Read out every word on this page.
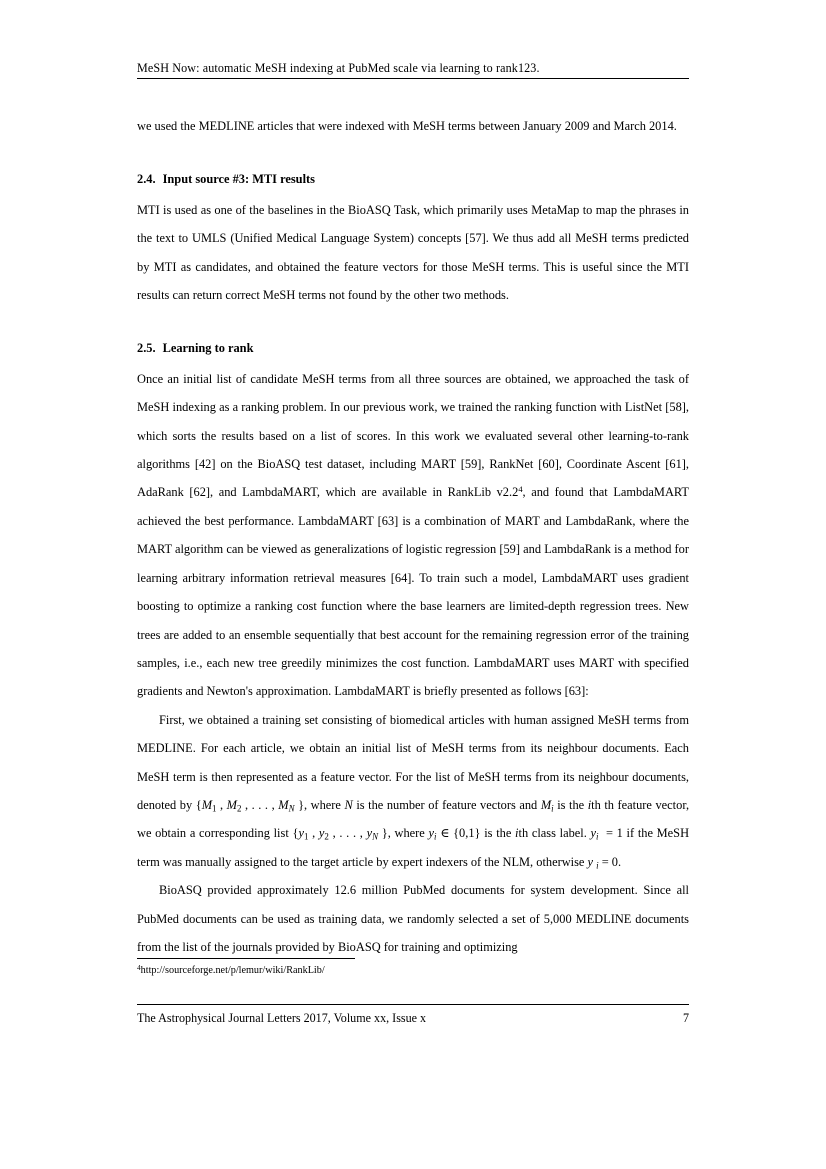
MeSH Now: automatic MeSH indexing at PubMed scale via learning to rank123.

we used the MEDLINE articles that were indexed with MeSH terms between January 2009 and March 2014.

2.4. Input source #3: MTI results

MTI is used as one of the baselines in the BioASQ Task, which primarily uses MetaMap to map the phrases in the text to UMLS (Unified Medical Language System) concepts [57]. We thus add all MeSH terms predicted by MTI as candidates, and obtained the feature vectors for those MeSH terms. This is useful since the MTI results can return correct MeSH terms not found by the other two methods.

2.5. Learning to rank

Once an initial list of candidate MeSH terms from all three sources are obtained, we approached the task of MeSH indexing as a ranking problem. In our previous work, we trained the ranking function with ListNet [58], which sorts the results based on a list of scores. In this work we evaluated several other learning-to-rank algorithms [42] on the BioASQ test dataset, including MART [59], RankNet [60], Coordinate Ascent [61], AdaRank [62], and LambdaMART, which are available in RankLib v2.2$^4$, and found that LambdaMART achieved the best performance. LambdaMART [63] is a combination of MART and LambdaRank, where the MART algorithm can be viewed as generalizations of logistic regression [59] and LambdaRank is a method for learning arbitrary information retrieval measures [64]. To train such a model, LambdaMART uses gradient boosting to optimize a ranking cost function where the base learners are limited-depth regression trees. New trees are added to an ensemble sequentially that best account for the remaining regression error of the training samples, i.e., each new tree greedily minimizes the cost function. LambdaMART uses MART with specified gradients and Newton's approximation. LambdaMART is briefly presented as follows [63]:

First, we obtained a training set consisting of biomedical articles with human assigned MeSH terms from MEDLINE. For each article, we obtain an initial list of MeSH terms from its neighbour documents. Each MeSH term is then represented as a feature vector. For the list of MeSH terms from its neighbour documents, denoted by {$M_1$ , $M_2$ , . . . , $M_N$ }, where N is the number of feature vectors and $M_i$ is the ith th feature vector, we obtain a corresponding list {$y_1$ , $y_2$ , . . . , $y_N$ }, where $y_i$ ∈ {0,1} is the ith class label. $y_i = 1$ if the MeSH term was manually assigned to the target article by expert indexers of the NLM, otherwise y $_i$ = 0.

BioASQ provided approximately 12.6 million PubMed documents for system development. Since all PubMed documents can be used as training data, we randomly selected a set of 5,000 MEDLINE documents from the list of the journals provided by BioASQ for training and optimizing

$^4$http://sourceforge.net/p/lemur/wiki/RankLib/
The Astrophysical Journal Letters 2017, Volume xx, Issue x	7
